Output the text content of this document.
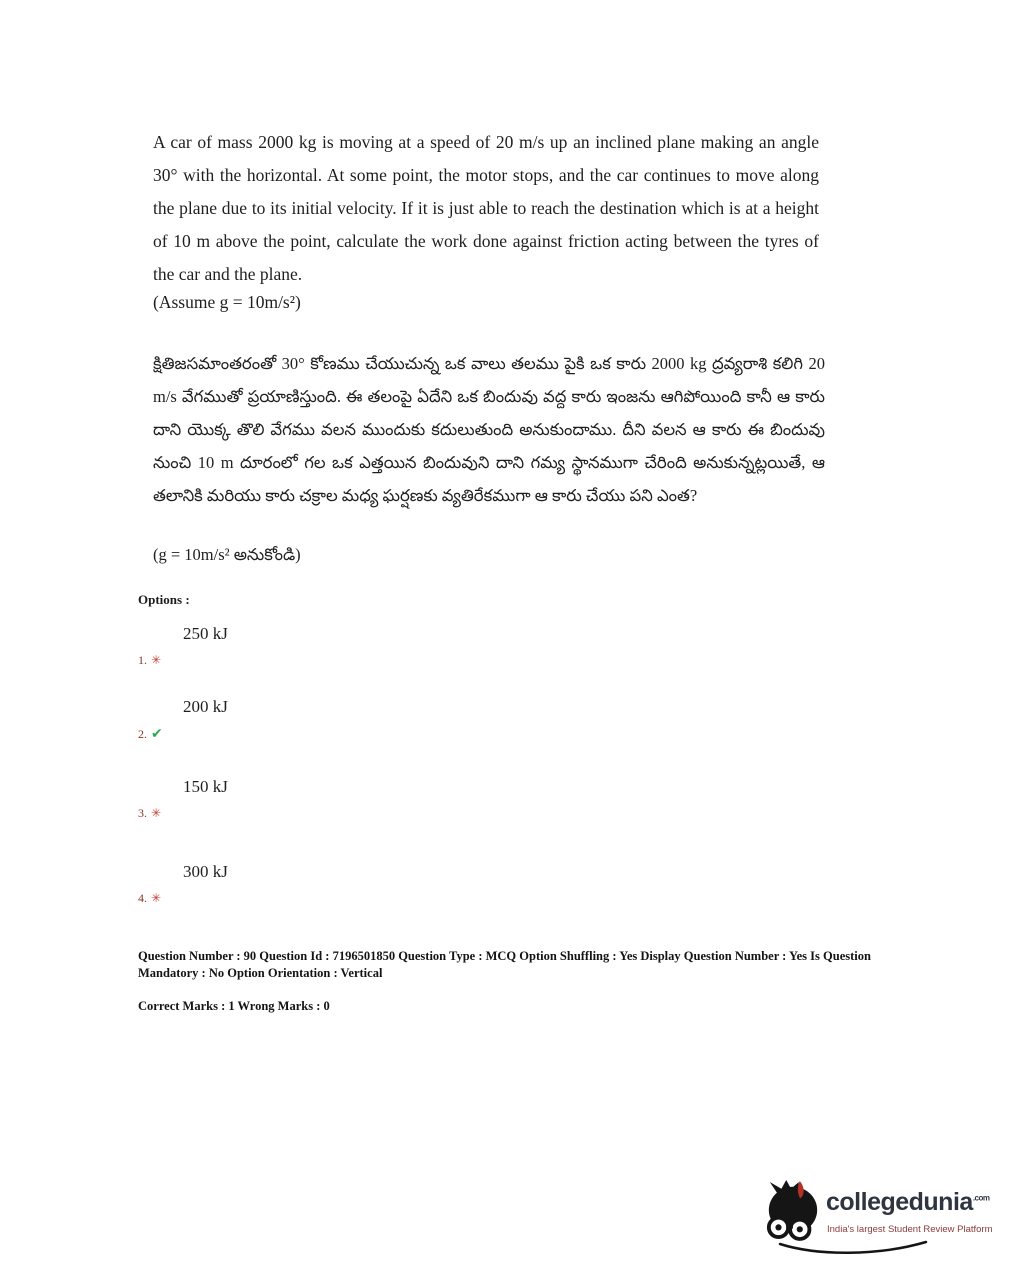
A car of mass 2000 kg is moving at a speed of 20 m/s up an inclined plane making an angle 30° with the horizontal. At some point, the motor stops, and the car continues to move along the plane due to its initial velocity. If it is just able to reach the destination which is at a height of 10 m above the point, calculate the work done against friction acting between the tyres of the car and the plane.
(Assume g = 10m/s²)
క్షితిజసమాంతరంతో 30° కోణము చేయుచున్న ఒక వాలు తలము పైకి ఒక కారు 2000 kg ద్రవ్యరాశి కలిగి 20 m/s వేగముతో ప్రయాణిస్తుంది. ఈ తలంపై ఏదేని ఒక బిందువు వద్ద కారు ఇంజను ఆగిపోయింది కానీ ఆ కారు దాని యొక్క తొలి వేగము వలన ముందుకు కదులుతుంది అనుకుందాము. దీని వలన ఆ కారు ఈ బిందువు నుంచి 10 m దూరంలో గల ఒక ఎత్తయిన బిందువుని దాని గమ్య స్థానముగా చేరింది అనుకున్నట్లయితే, ఆ తలానికి మరియు కారు చక్రాల మధ్య ఘర్షణకు వ్యతిరేకముగా ఆ కారు చేయు పని ఎంత?
(g = 10m/s² అనుకోండి)
Options :
250 kJ
1. ✳
200 kJ
2. ✔
150 kJ
3. ✳
300 kJ
4. ✳
Question Number : 90 Question Id : 7196501850 Question Type : MCQ Option Shuffling : Yes Display Question Number : Yes Is Question Mandatory : No Option Orientation : Vertical
Correct Marks : 1 Wrong Marks : 0
collegedunia$^{.com}$
India's largest Student Review Platform
